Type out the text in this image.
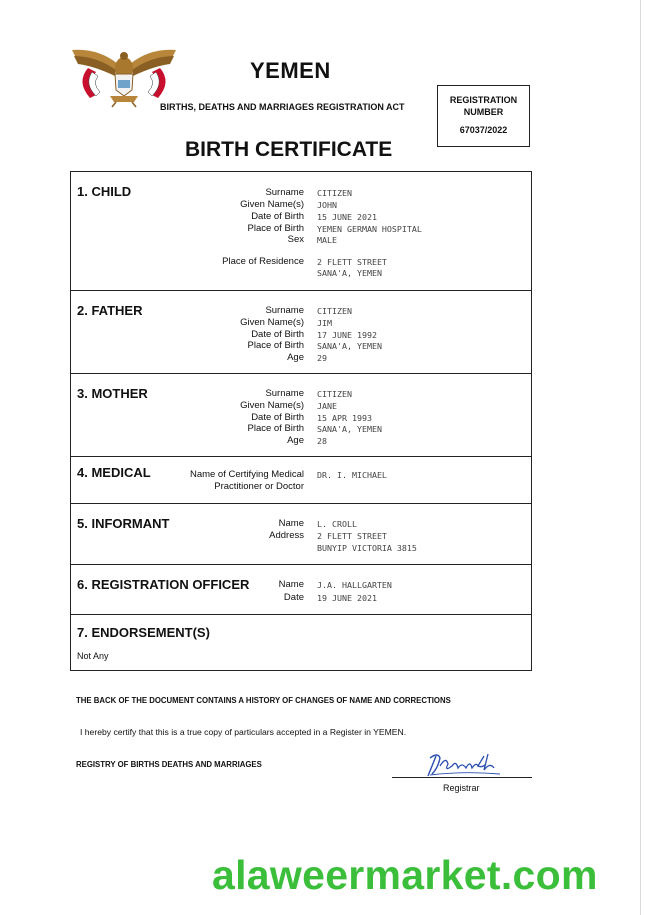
YEMEN
BIRTHS, DEATHS AND MARRIAGES REGISTRATION ACT
REGISTRATION NUMBER
67037/2022
BIRTH CERTIFICATE
1. CHILD	Surname CITIZEN
Given Name(s) JOHN
Date of Birth 15 JUNE 2021
Place of Birth YEMEN GERMAN HOSPITAL
Sex MALE
Place of Residence 2 FLETT STREET
SANA'A, YEMEN
2. FATHER	Surname CITIZEN
Given Name(s) JIM
Date of Birth 17 JUNE 1992
Place of Birth SANA'A, YEMEN
Age 29
3. MOTHER	Surname CITIZEN
Given Name(s) JANE
Date of Birth 15 APR 1993
Place of Birth SANA'A, YEMEN
Age 28
4. MEDICAL	Name of Certifying Medical
Practitioner or Doctor
DR. I. MICHAEL
5. INFORMANT	Name L. CROLL
Address 2 FLETT STREET
BUNYIP VICTORIA 3815
6. REGISTRATION OFFICER	Name J.A. HALLGARTEN
Date 19 JUNE 2021
7. ENDORSEMENT(S)
Not Any
THE BACK OF THE DOCUMENT CONTAINS A HISTORY OF CHANGES OF NAME AND CORRECTIONS
I hereby certify that this is a true copy of particulars accepted in a Register in YEMEN.
REGISTRY OF BIRTHS DEATHS AND MARRIAGES
Registrar
alaweermarket.com
